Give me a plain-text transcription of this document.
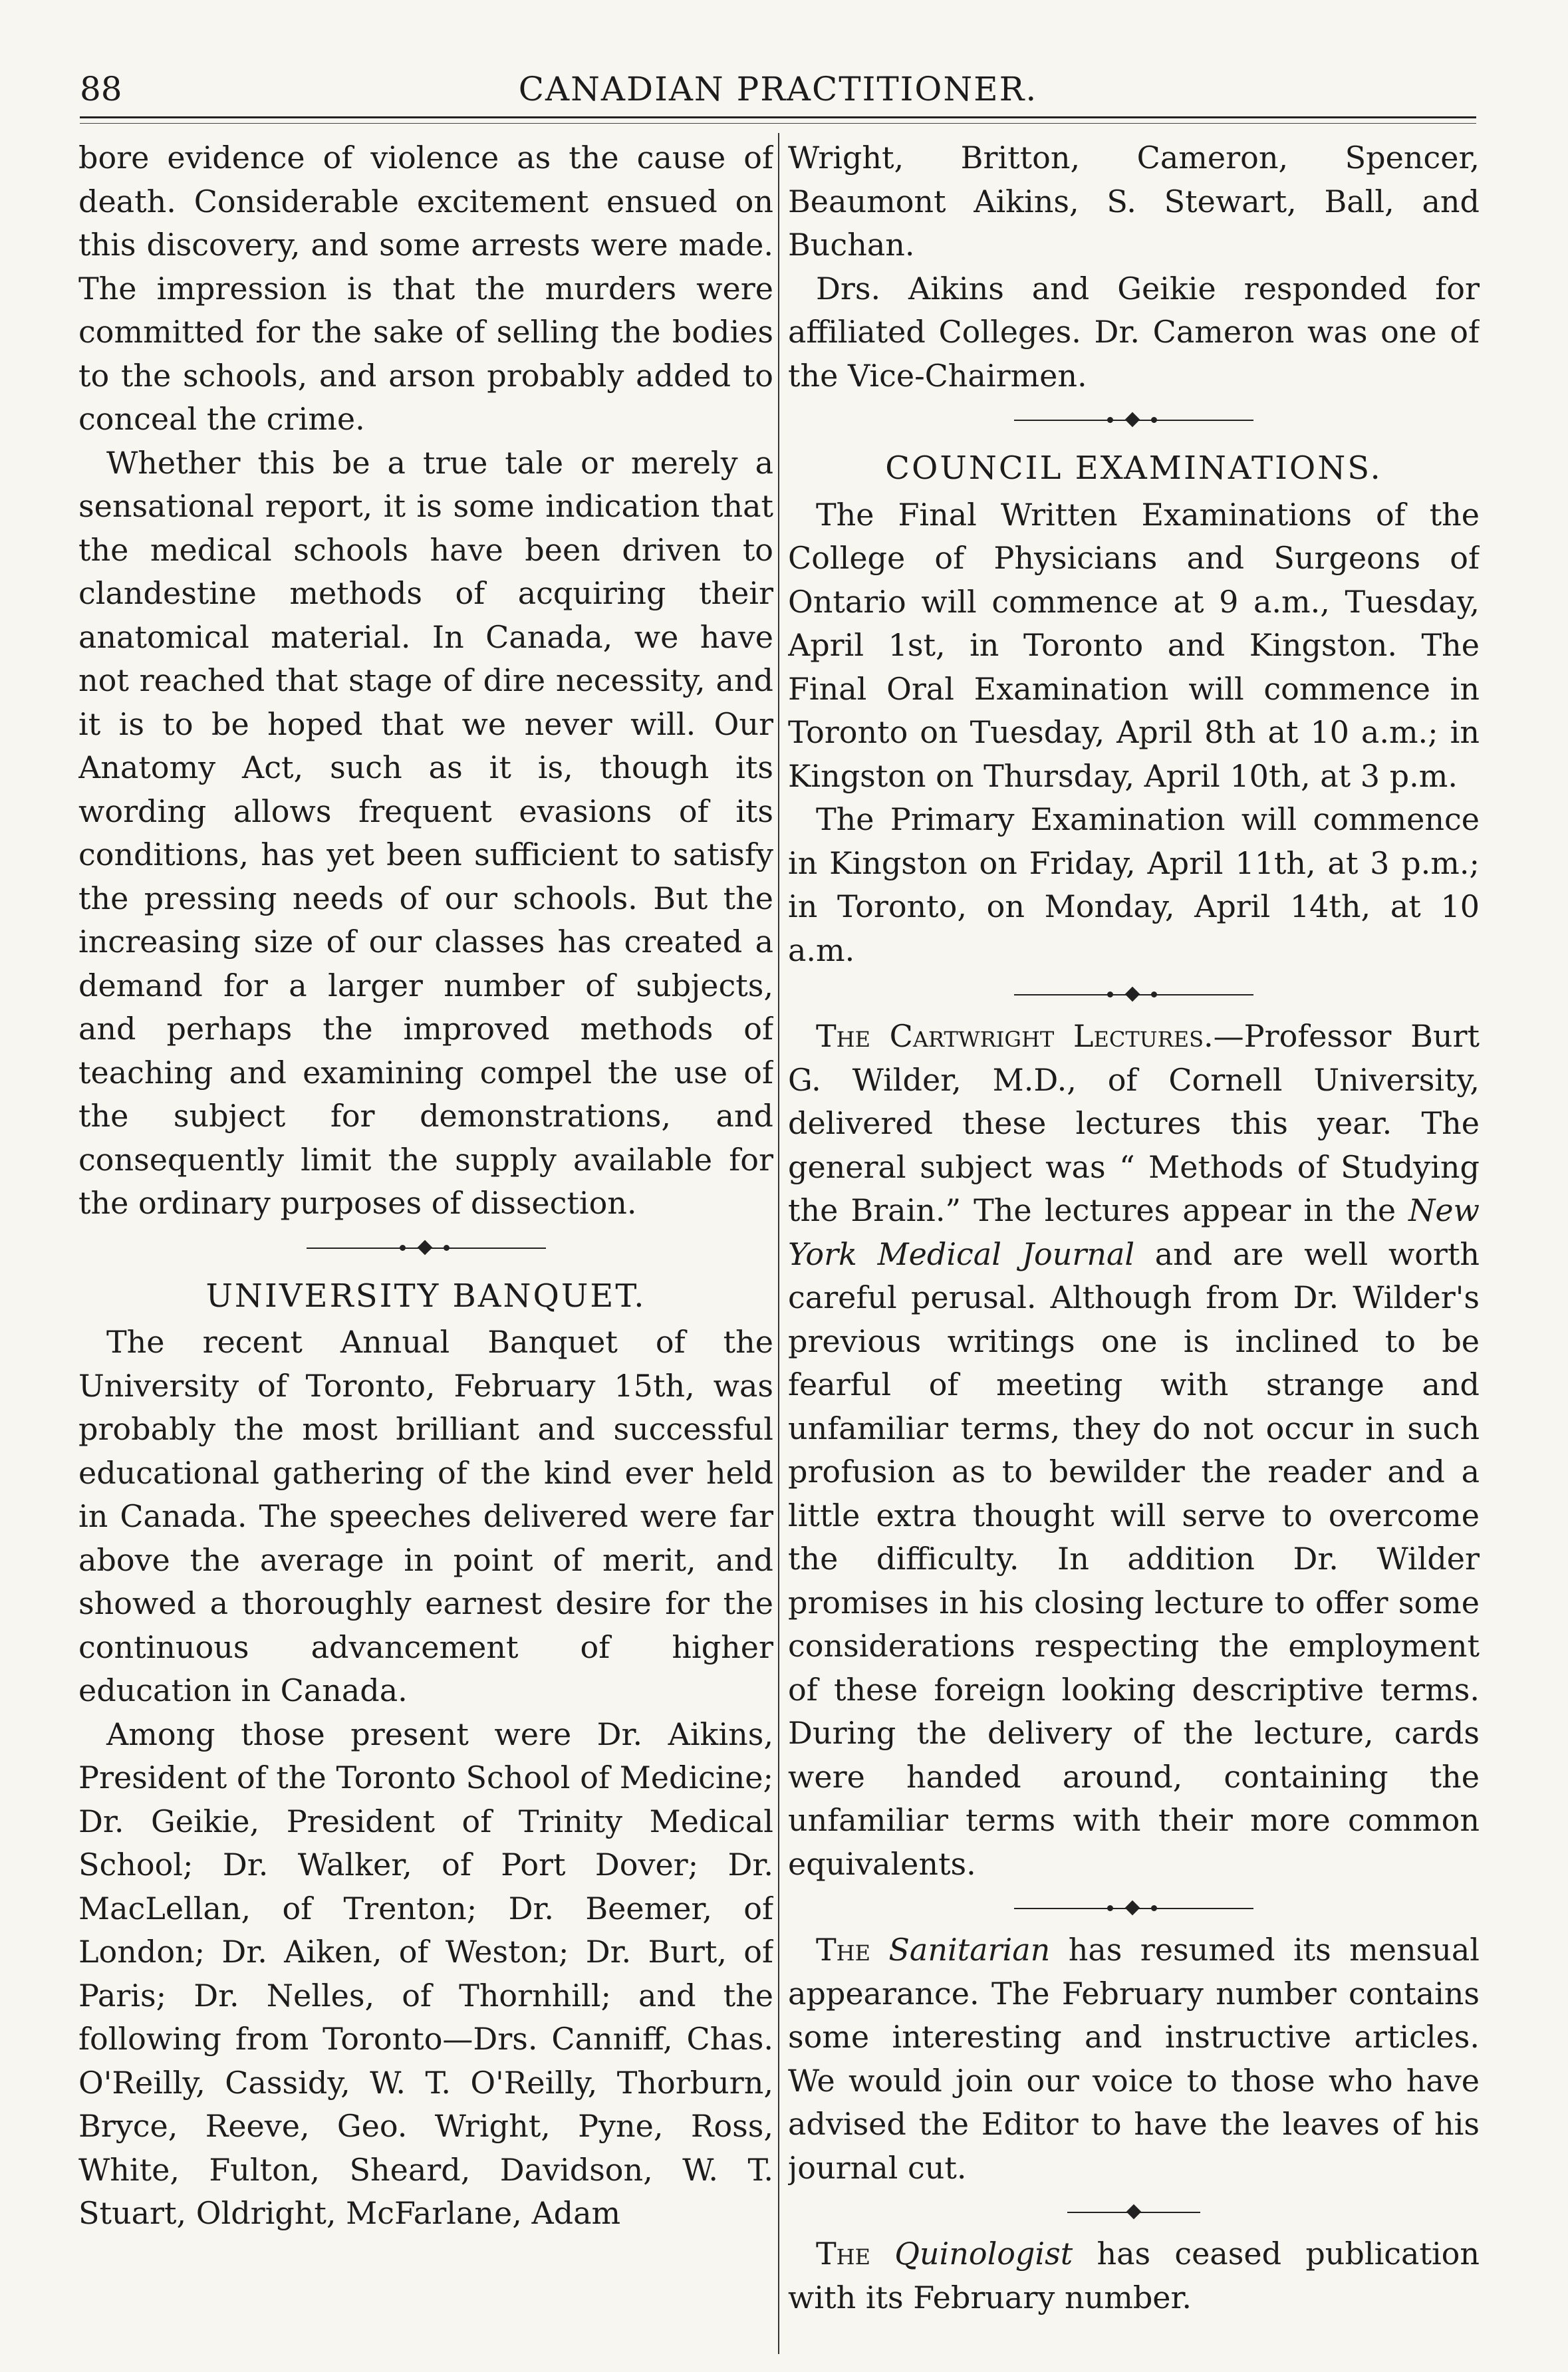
88	CANADIAN PRACTITIONER.

bore evidence of violence as the cause of death. Considerable excitement ensued on this discovery, and some arrests were made. The impression is that the murders were committed for the sake of selling the bodies to the schools, and arson probably added to conceal the crime.

Whether this be a true tale or merely a sensational report, it is some indication that the medical schools have been driven to clandestine methods of acquiring their anatomical material. In Canada, we have not reached that stage of dire necessity, and it is to be hoped that we never will. Our Anatomy Act, such as it is, though its wording allows frequent evasions of its conditions, has yet been sufficient to satisfy the pressing needs of our schools. But the increasing size of our classes has created a demand for a larger number of subjects, and perhaps the improved methods of teaching and examining compel the use of the subject for demonstrations, and consequently limit the supply available for the ordinary purposes of dissection.

UNIVERSITY BANQUET.

The recent Annual Banquet of the University of Toronto, February 15th, was probably the most brilliant and successful educational gathering of the kind ever held in Canada. The speeches delivered were far above the average in point of merit, and showed a thoroughly earnest desire for the continuous advancement of higher education in Canada.

Among those present were Dr. Aikins, President of the Toronto School of Medicine; Dr. Geikie, President of Trinity Medical School; Dr. Walker, of Port Dover; Dr. MacLellan, of Trenton; Dr. Beemer, of London; Dr. Aiken, of Weston; Dr. Burt, of Paris; Dr. Nelles, of Thornhill; and the following from Toronto—Drs. Canniff, Chas. O'Reilly, Cassidy, W. T. O'Reilly, Thorburn, Bryce, Reeve, Geo. Wright, Pyne, Ross, White, Fulton, Sheard, Davidson, W. T. Stuart, Oldright, McFarlane, Adam

Wright, Britton, Cameron, Spencer, Beaumont Aikins, S. Stewart, Ball, and Buchan.

Drs. Aikins and Geikie responded for affiliated Colleges. Dr. Cameron was one of the Vice-Chairmen.

COUNCIL EXAMINATIONS.

The Final Written Examinations of the College of Physicians and Surgeons of Ontario will commence at 9 a.m., Tuesday, April 1st, in Toronto and Kingston. The Final Oral Examination will commence in Toronto on Tuesday, April 8th at 10 a.m.; in Kingston on Thursday, April 10th, at 3 p.m.

The Primary Examination will commence in Kingston on Friday, April 11th, at 3 p.m.; in Toronto, on Monday, April 14th, at 10 a.m.

The Cartwright Lectures.—Professor Burt G. Wilder, M.D., of Cornell University, delivered these lectures this year. The general subject was “ Methods of Studying the Brain.” The lectures appear in the New York Medical Journal and are well worth careful perusal. Although from Dr. Wilder's previous writings one is inclined to be fearful of meeting with strange and unfamiliar terms, they do not occur in such profusion as to bewilder the reader and a little extra thought will serve to overcome the difficulty. In addition Dr. Wilder promises in his closing lecture to offer some considerations respecting the employment of these foreign looking descriptive terms. During the delivery of the lecture, cards were handed around, containing the unfamiliar terms with their more common equivalents.

The Sanitarian has resumed its mensual appearance. The February number contains some interesting and instructive articles. We would join our voice to those who have advised the Editor to have the leaves of his journal cut.

The Quinologist has ceased publication with its February number.
